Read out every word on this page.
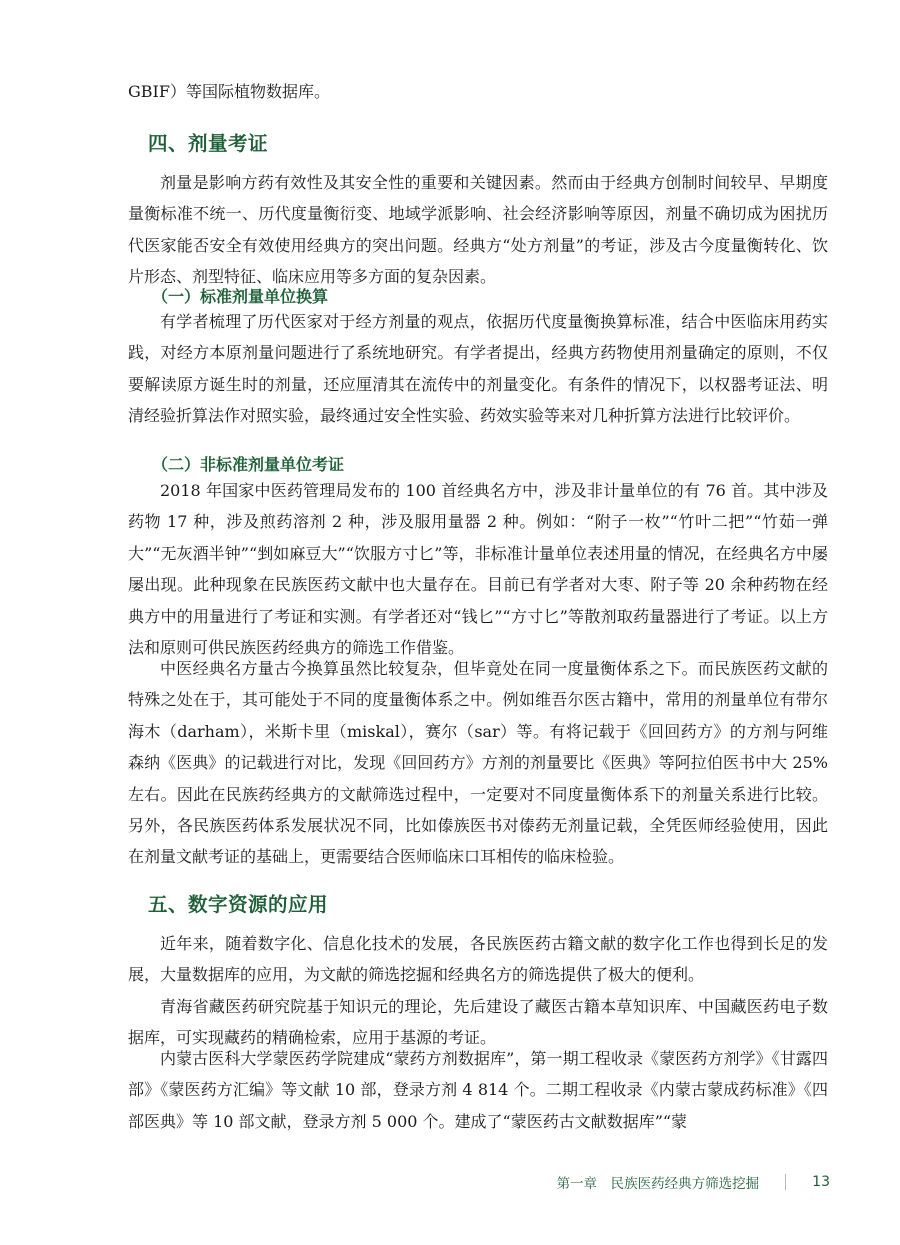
GBIF）等国际植物数据库。

四、剂量考证

剂量是影响方药有效性及其安全性的重要和关键因素。然而由于经典方创制时间较早、早期度量衡标准不统一、历代度量衡衍变、地域学派影响、社会经济影响等原因，剂量不确切成为困扰历代医家能否安全有效使用经典方的突出问题。经典方“处方剂量”的考证，涉及古今度量衡转化、饮片形态、剂型特征、临床应用等多方面的复杂因素。

（一）标准剂量单位换算

有学者梳理了历代医家对于经方剂量的观点，依据历代度量衡换算标准，结合中医临床用药实践，对经方本原剂量问题进行了系统地研究。有学者提出，经典方药物使用剂量确定的原则，不仅要解读原方诞生时的剂量，还应厘清其在流传中的剂量变化。有条件的情况下，以权器考证法、明清经验折算法作对照实验，最终通过安全性实验、药效实验等来对几种折算方法进行比较评价。

（二）非标准剂量单位考证

2018 年国家中医药管理局发布的 100 首经典名方中，涉及非计量单位的有 76 首。其中涉及药物 17 种，涉及煎药溶剂 2 种，涉及服用量器 2 种。例如：“附子一枚”“竹叶二把”“竹茹一弹大”“无灰酒半钟”“剉如麻豆大”“饮服方寸匕”等，非标准计量单位表述用量的情况，在经典名方中屡屡出现。此种现象在民族医药文献中也大量存在。目前已有学者对大枣、附子等 20 余种药物在经典方中的用量进行了考证和实测。有学者还对“钱匕”“方寸匕”等散剂取药量器进行了考证。以上方法和原则可供民族医药经典方的筛选工作借鉴。

中医经典名方量古今换算虽然比较复杂，但毕竟处在同一度量衡体系之下。而民族医药文献的特殊之处在于，其可能处于不同的度量衡体系之中。例如维吾尔医古籍中，常用的剂量单位有带尔海木（darham），米斯卡里（miskal），赛尔（sar）等。有将记载于《回回药方》的方剂与阿维森纳《医典》的记载进行对比，发现《回回药方》方剂的剂量要比《医典》等阿拉伯医书中大 25% 左右。因此在民族药经典方的文献筛选过程中，一定要对不同度量衡体系下的剂量关系进行比较。另外，各民族医药体系发展状况不同，比如傣族医书对傣药无剂量记载，全凭医师经验使用，因此在剂量文献考证的基础上，更需要结合医师临床口耳相传的临床检验。

五、数字资源的应用

近年来，随着数字化、信息化技术的发展，各民族医药古籍文献的数字化工作也得到长足的发展，大量数据库的应用，为文献的筛选挖掘和经典名方的筛选提供了极大的便利。

青海省藏医药研究院基于知识元的理论，先后建设了藏医古籍本草知识库、中国藏医药电子数据库，可实现藏药的精确检索，应用于基源的考证。

内蒙古医科大学蒙医药学院建成“蒙药方剂数据库”，第一期工程收录《蒙医药方剂学》《甘露四部》《蒙医药方汇编》等文献 10 部，登录方剂 4 814 个。二期工程收录《内蒙古蒙成药标准》《四部医典》等 10 部文献，登录方剂 5 000 个。建成了“蒙医药古文献数据库”“蒙

第一章　民族医药经典方筛选挖掘	13
